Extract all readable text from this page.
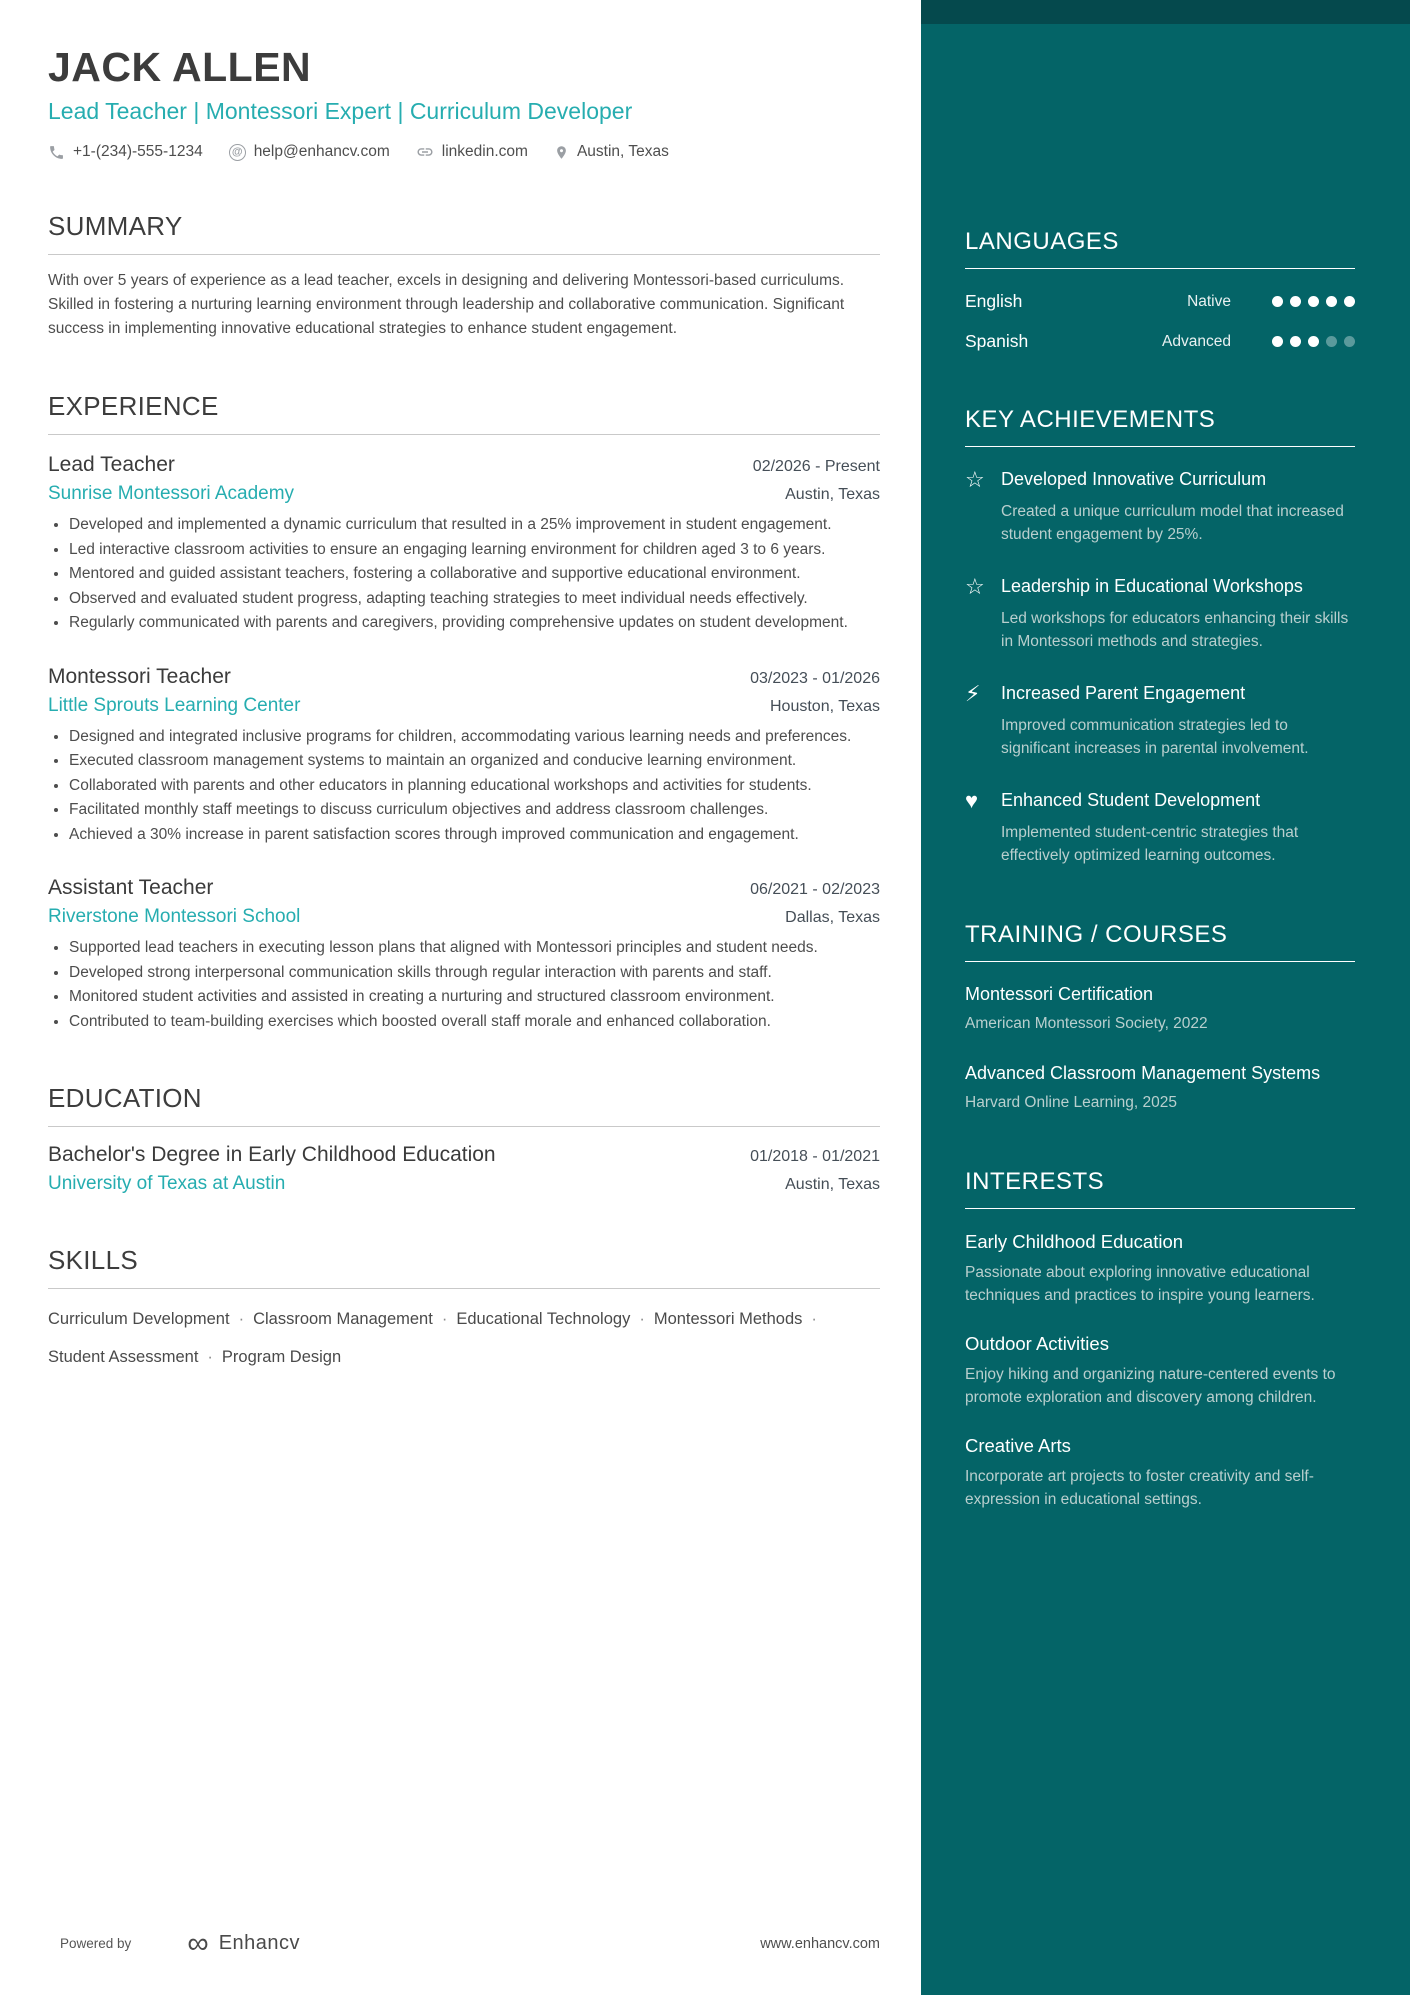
LANGUAGES
English	Native
Spanish	Advanced
KEY ACHIEVEMENTS
☆ Developed Innovative Curriculum
Created a unique curriculum model that increased student engagement by 25%.
☆ Leadership in Educational Workshops
Led workshops for educators enhancing their skills in Montessori methods and strategies.
⚡	Increased Parent Engagement
Improved communication strategies led to significant increases in parental involvement.
♥	Enhanced Student Development
Implemented student-centric strategies that effectively optimized learning outcomes.
TRAINING / COURSES
Montessori Certification
American Montessori Society, 2022
Advanced Classroom Management Systems
Harvard Online Learning, 2025
INTERESTS
Early Childhood Education
Passionate about exploring innovative educational techniques and practices to inspire young learners.
Outdoor Activities
Enjoy hiking and organizing nature-centered events to promote exploration and discovery among children.
Creative Arts
Incorporate art projects to foster creativity and self-expression in educational settings.
JACK ALLEN
Lead Teacher | Montessori Expert | Curriculum Developer
+1-(234)-555-1234	@ help@enhancv.com	linkedin.com	Austin, Texas
SUMMARY

With over 5 years of experience as a lead teacher, excels in designing and delivering Montessori-based curriculums. Skilled in fostering a nurturing learning environment through leadership and collaborative communication. Significant success in implementing innovative educational strategies to enhance student engagement.

EXPERIENCE
Lead Teacher	02/2026 - Present
Sunrise Montessori Academy	Austin, Texas
• Developed and implemented a dynamic curriculum that resulted in a 25% improvement in student engagement.
• Led interactive classroom activities to ensure an engaging learning environment for children aged 3 to 6 years.
• Mentored and guided assistant teachers, fostering a collaborative and supportive educational environment.
• Observed and evaluated student progress, adapting teaching strategies to meet individual needs effectively.
• Regularly communicated with parents and caregivers, providing comprehensive updates on student development.
Montessori Teacher	03/2023 - 01/2026
Little Sprouts Learning Center	Houston, Texas
• Designed and integrated inclusive programs for children, accommodating various learning needs and preferences.
• Executed classroom management systems to maintain an organized and conducive learning environment.
• Collaborated with parents and other educators in planning educational workshops and activities for students.
• Facilitated monthly staff meetings to discuss curriculum objectives and address classroom challenges.
• Achieved a 30% increase in parent satisfaction scores through improved communication and engagement.
Assistant Teacher	06/2021 - 02/2023
Riverstone Montessori School	Dallas, Texas
• Supported lead teachers in executing lesson plans that aligned with Montessori principles and student needs.
• Developed strong interpersonal communication skills through regular interaction with parents and staff.
• Monitored student activities and assisted in creating a nurturing and structured classroom environment.
• Contributed to team-building exercises which boosted overall staff morale and enhanced collaboration.
EDUCATION
Bachelor's Degree in Early Childhood Education	01/2018 - 01/2021
University of Texas at Austin	Austin, Texas
SKILLS
Curriculum Development ·	Classroom Management ·	Educational Technology ·	Montessori Methods ·
Student Assessment ·	Program Design
Powered by ∞ Enhancv	www.enhancv.com
